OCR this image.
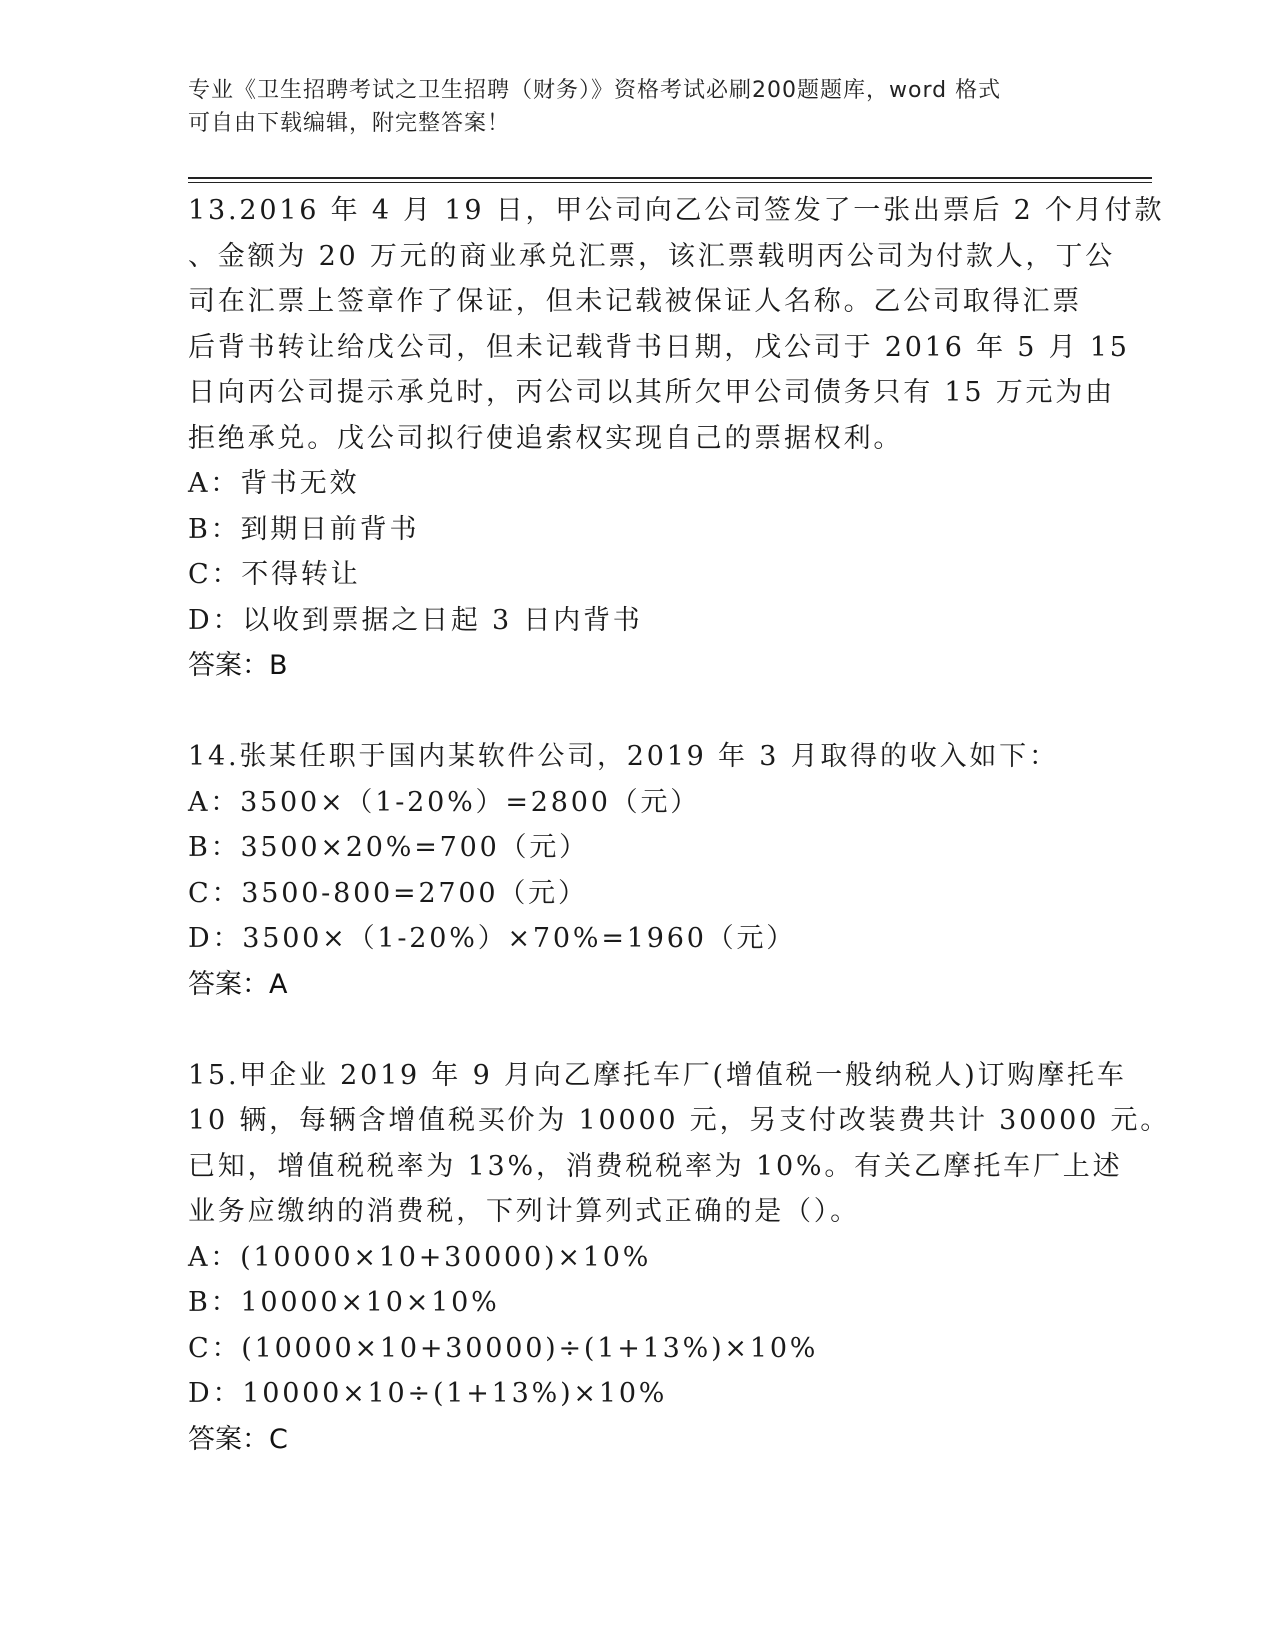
专业《卫生招聘考试之卫生招聘（财务）》资格考试必刷200题题库，word 格式
可自由下载编辑，附完整答案！
13.2016 年 4 月 19 日，甲公司向乙公司签发了一张出票后 2 个月付款
、金额为 20 万元的商业承兑汇票，该汇票载明丙公司为付款人，丁公
司在汇票上签章作了保证，但未记载被保证人名称。乙公司取得汇票
后背书转让给戊公司，但未记载背书日期，戊公司于 2016 年 5 月 15
日向丙公司提示承兑时，丙公司以其所欠甲公司债务只有 15 万元为由
拒绝承兑。戊公司拟行使追索权实现自己的票据权利。
A：背书无效
B：到期日前背书
C：不得转让
D：以收到票据之日起 3 日内背书
答案：B
14.张某任职于国内某软件公司，2019 年 3 月取得的收入如下：
A：3500×（1-20%）=2800（元）
B：3500×20%=700（元）
C：3500-800=2700（元）
D：3500×（1-20%）×70%=1960（元）
答案：A
15.甲企业 2019 年 9 月向乙摩托车厂(增值税一般纳税人)订购摩托车
10 辆，每辆含增值税买价为 10000 元，另支付改装费共计 30000 元。
已知，增值税税率为 13%，消费税税率为 10%。有关乙摩托车厂上述
业务应缴纳的消费税，下列计算列式正确的是（）。
A：(10000×10+30000)×10%
B：10000×10×10%
C：(10000×10+30000)÷(1+13%)×10%
D：10000×10÷(1+13%)×10%
答案：C
